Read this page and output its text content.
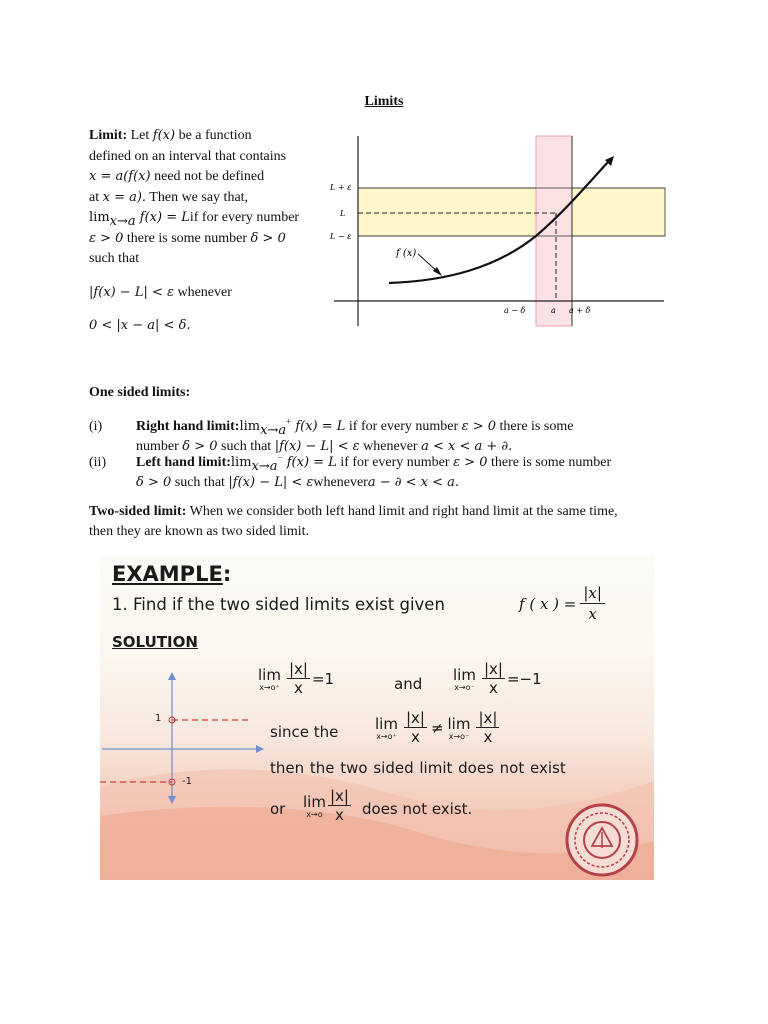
Limits
Limit: Let f(x) be a function
defined on an interval that contains
x = a(f(x) need not be defined
at x = a). Then we say that,
$\lim_{x\to a} f(x)$ = Lif for every number
ε > 0 there is some number δ > 0
such that
|f(x) − L| < ε whenever
0 < |x − a| < δ.
f (x)
L + ε
L
L − ε
a − δ	a a + δ
One sided limits:
(i) Right hand $limit:\lim_{x\to a}^+$ f(x) = L if for every number ε > 0 there is some
number δ > 0 such that |f(x) − L| < ε whenever a < x < a + ∂.
(ii) Left hand $limit:\lim_{x\to a}^-$ f(x) = L if for every number ε > 0 there is some number
δ > 0 such that |f(x) − L| < εwhenevera − ∂ < x < a.
Two-sided limit: When we consider both left hand limit and right hand limit at the same time,
then they are known as two sided limit.
EXAMPLE:
1. Find if the two sided limits exist given	f ( x ) = $\frac{|x|}{x}$
SOLUTION
lim
$x\to o^+ \frac{|x|}{x} =1$	and
lim
$x\to o^- \frac{|x|}{x} =-1$
since the lim
x→o⁺
|x|
x
≠ lim
x→o⁻
|x|
x
then the two sided limit does not exist
or lim
x→o
|x|
x does not exist.
1
-1
